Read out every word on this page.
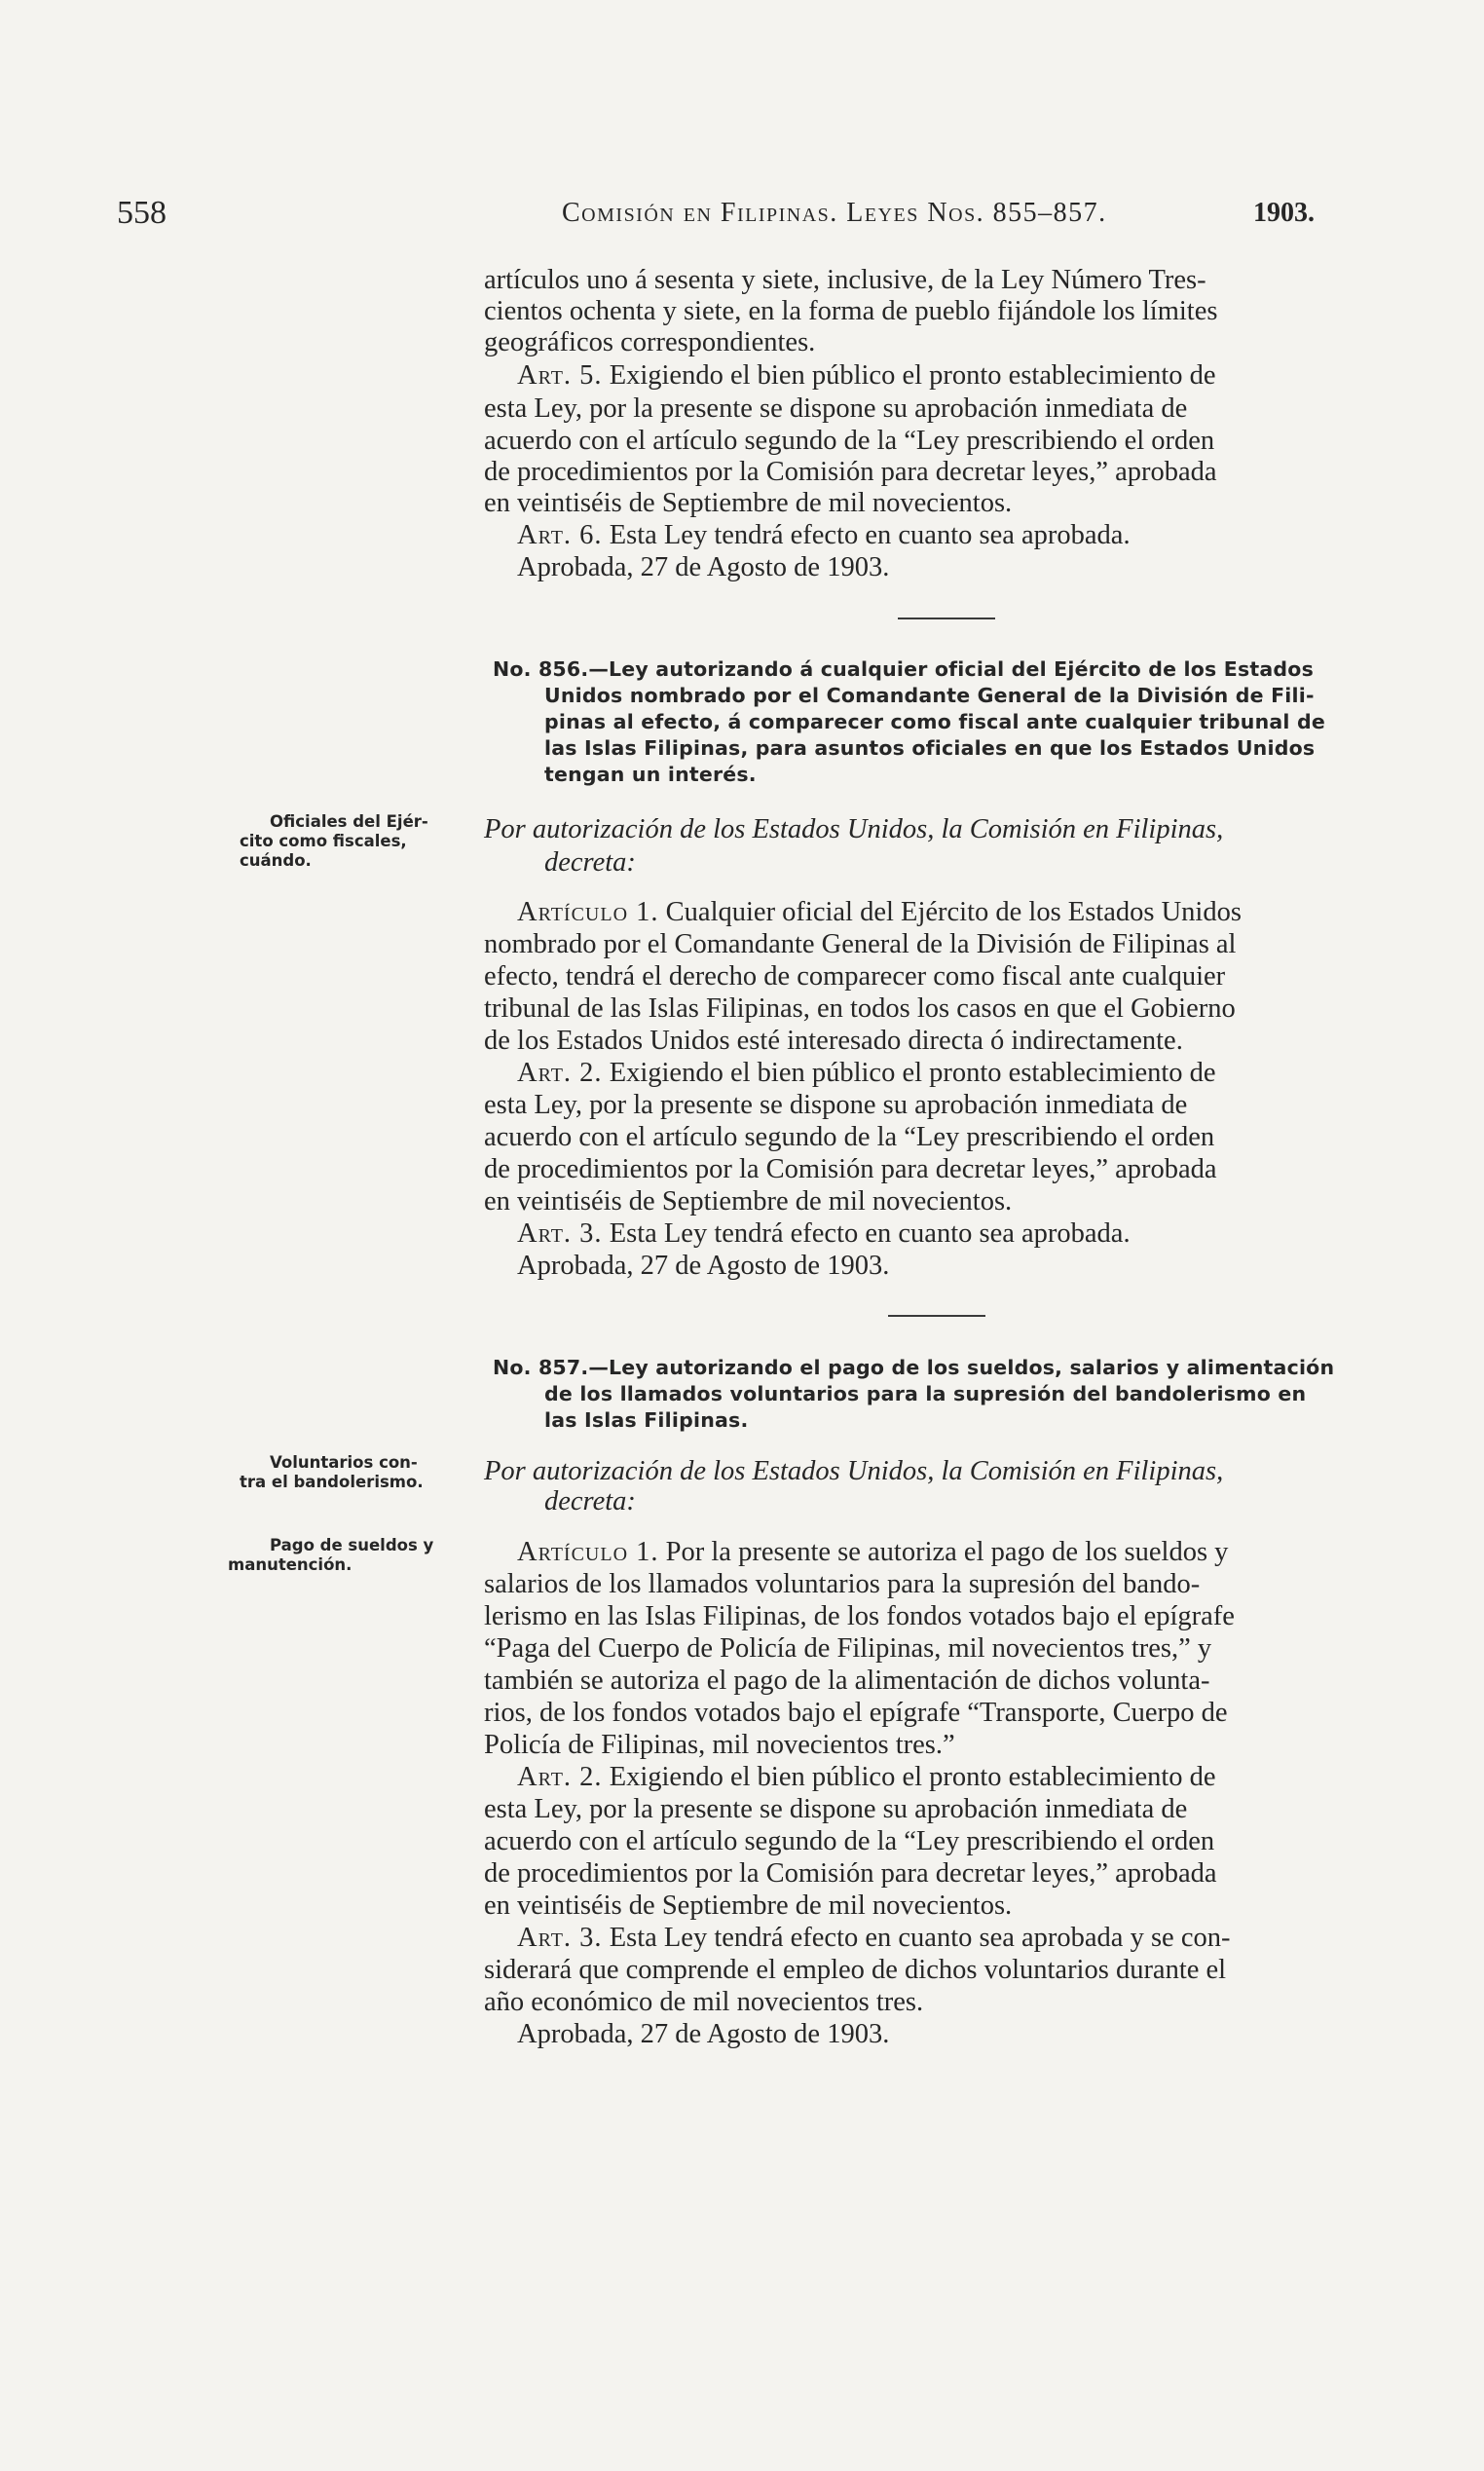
558	Comisión en Filipinas. Leyes Nos. 855–857.	1903.
artículos uno á sesenta y siete, inclusive, de la Ley Número Tres-
cientos ochenta y siete, en la forma de pueblo fijándole los límites
geográficos correspondientes.
Art. 5. Exigiendo el bien público el pronto establecimiento de
esta Ley, por la presente se dispone su aprobación inmediata de
acuerdo con el artículo segundo de la “Ley prescribiendo el orden
de procedimientos por la Comisión para decretar leyes,” aprobada
en veintiséis de Septiembre de mil novecientos.
Art. 6. Esta Ley tendrá efecto en cuanto sea aprobada.
Aprobada, 27 de Agosto de 1903.
No. 856.—Ley autorizando á cualquier oficial del Ejército de los Estados
Unidos nombrado por el Comandante General de la División de Fili-
pinas al efecto, á comparecer como fiscal ante cualquier tribunal de
las Islas Filipinas, para asuntos oficiales en que los Estados Unidos
tengan un interés.
Oficiales del Ejér-
cito como fiscales,
cuándo.
Por autorización de los Estados Unidos, la Comisión en Filipinas,
decreta:
Artículo 1. Cualquier oficial del Ejército de los Estados Unidos
nombrado por el Comandante General de la División de Filipinas al
efecto, tendrá el derecho de comparecer como fiscal ante cualquier
tribunal de las Islas Filipinas, en todos los casos en que el Gobierno
de los Estados Unidos esté interesado directa ó indirectamente.
Art. 2. Exigiendo el bien público el pronto establecimiento de
esta Ley, por la presente se dispone su aprobación inmediata de
acuerdo con el artículo segundo de la “Ley prescribiendo el orden
de procedimientos por la Comisión para decretar leyes,” aprobada
en veintiséis de Septiembre de mil novecientos.
Art. 3. Esta Ley tendrá efecto en cuanto sea aprobada.
Aprobada, 27 de Agosto de 1903.
No. 857.—Ley autorizando el pago de los sueldos, salarios y alimentación
de los llamados voluntarios para la supresión del bandolerismo en
las Islas Filipinas.
Voluntarios con-
tra el bandolerismo. Por autorización de los Estados Unidos, la Comisión en Filipinas,
decreta:
Pago de sueldos y
manutención.	Artículo 1. Por la presente se autoriza el pago de los sueldos y
salarios de los llamados voluntarios para la supresión del bando-
lerismo en las Islas Filipinas, de los fondos votados bajo el epígrafe
“Paga del Cuerpo de Policía de Filipinas, mil novecientos tres,” y
también se autoriza el pago de la alimentación de dichos volunta-
rios, de los fondos votados bajo el epígrafe “Transporte, Cuerpo de
Policía de Filipinas, mil novecientos tres.”
Art. 2. Exigiendo el bien público el pronto establecimiento de
esta Ley, por la presente se dispone su aprobación inmediata de
acuerdo con el artículo segundo de la “Ley prescribiendo el orden
de procedimientos por la Comisión para decretar leyes,” aprobada
en veintiséis de Septiembre de mil novecientos.
Art. 3. Esta Ley tendrá efecto en cuanto sea aprobada y se con-
siderará que comprende el empleo de dichos voluntarios durante el
año económico de mil novecientos tres.
Aprobada, 27 de Agosto de 1903.
